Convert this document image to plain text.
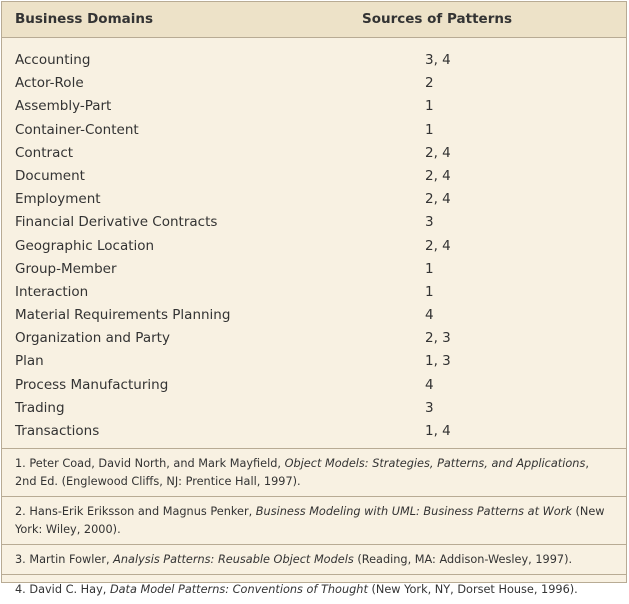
Business Domains	Sources of Patterns
Accounting	3, 4
Actor-Role	2
Assembly-Part	1
Container-Content	1
Contract	2, 4
Document	2, 4
Employment	2, 4
Financial Derivative Contracts	3
Geographic Location	2, 4
Group-Member	1
Interaction	1
Material Requirements Planning	4
Organization and Party	2, 3
Plan	1, 3
Process Manufacturing	4
Trading	3
Transactions	1, 4
1. Peter Coad, David North, and Mark Mayfield, Object Models: Strategies, Patterns, and Applications, 2nd Ed. (Englewood Cliffs, NJ: Prentice Hall, 1997).
2. Hans-Erik Eriksson and Magnus Penker, Business Modeling with UML: Business Patterns at Work (New York: Wiley, 2000).
3. Martin Fowler, Analysis Patterns: Reusable Object Models (Reading, MA: Addison-Wesley, 1997).
4. David C. Hay, Data Model Patterns: Conventions of Thought (New York, NY, Dorset House, 1996).
